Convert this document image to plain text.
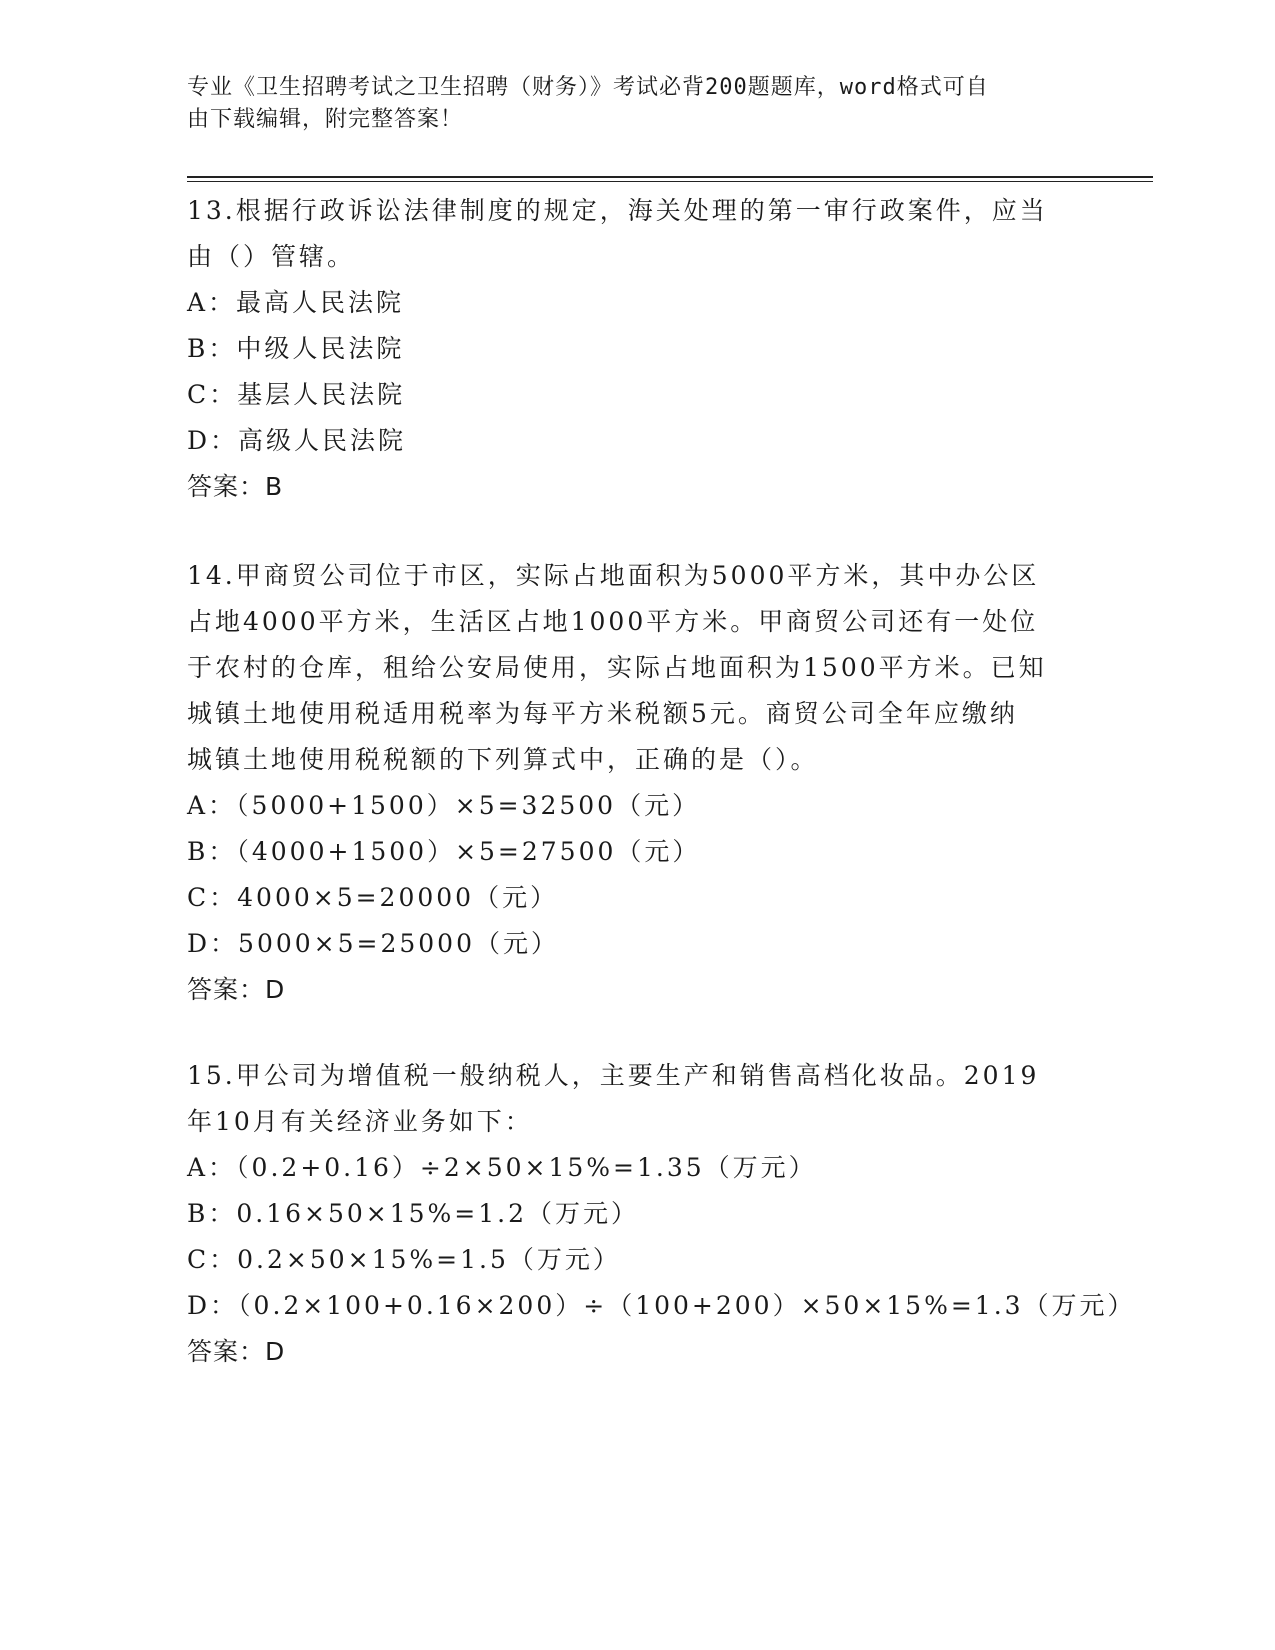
专业《卫生招聘考试之卫生招聘（财务）》考试必背200题题库，word格式可自
由下载编辑，附完整答案！
13.根据行政诉讼法律制度的规定，海关处理的第一审行政案件，应当
由（）管辖。
A：最高人民法院
B：中级人民法院
C：基层人民法院
D：高级人民法院
答案：B
14.甲商贸公司位于市区，实际占地面积为5000平方米，其中办公区
占地4000平方米，生活区占地1000平方米。甲商贸公司还有一处位
于农村的仓库，租给公安局使用，实际占地面积为1500平方米。已知
城镇土地使用税适用税率为每平方米税额5元。商贸公司全年应缴纳
城镇土地使用税税额的下列算式中，正确的是（）。
A：（5000+1500）×5=32500（元）
B：（4000+1500）×5=27500（元）
C：4000×5=20000（元）
D：5000×5=25000（元）
答案：D
15.甲公司为增值税一般纳税人，主要生产和销售高档化妆品。2019
年10月有关经济业务如下：
A：（0.2+0.16）÷2×50×15%=1.35（万元）
B：0.16×50×15%=1.2（万元）
C：0.2×50×15%=1.5（万元）
D：（0.2×100+0.16×200）÷（100+200）×50×15%=1.3（万元）
答案：D
